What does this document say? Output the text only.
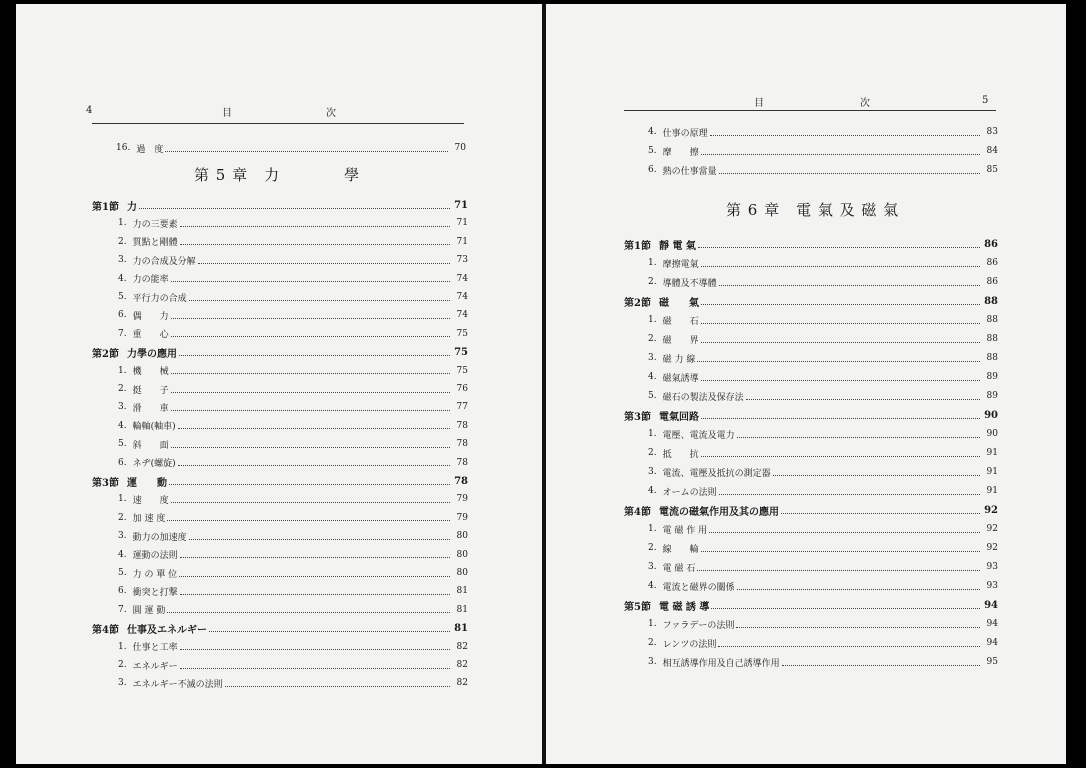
4	目	次
16. 過　度	70
第 5 章　力　　　　學
第1節 力	71
1. 力の三要素	71
2. 質點と剛體	71
3. 力の合成及分解	73
4. 力の能率	74
5. 平行力の合成	74
6. 偶　　力	74
7. 重　　心	75
第2節 力學の應用	75
1. 機　　械	75
2. 挺　　子	76
3. 滑　　車	77
4. 輪軸(軸車)	78
5. 斜　　面	78
6. ネヂ(螺旋)	78
第3節 運　　動	78
1. 速　　度	79
2. 加 速 度	79
3. 動力の加速度	80
4. 運動の法則	80
5. 力 の 單 位	80
6. 衝突と打撃	81
7. 圓 運 動	81
第4節 仕事及エネルギー	81
1. 仕事と工率	82
2. エネルギー	82
3. エネルギー不滅の法則	82
目	次	5
4. 仕事の原理	83
5. 摩　　擦	84
6. 熱の仕事當量	85
第 6 章　電 氣 及 磁 氣
第1節 靜 電 氣	86
1. 摩擦電氣	86
2. 導體及不導體	86
第2節 磁　　氣	88
1. 磁　　石	88
2. 磁　　界	88
3. 磁 力 線	88
4. 磁氣誘導	89
5. 磁石の製法及保存法	89
第3節 電氣回路	90
1. 電壓、電流及電力	90
2. 抵　　抗	91
3. 電流、電壓及抵抗の測定器	91
4. オームの法則	91
第4節 電流の磁氣作用及其の應用	92
1. 電 磁 作 用	92
2. 線　　輪	92
3. 電 磁 石	93
4. 電流と磁界の關係	93
第5節 電 磁 誘 導	94
1. ファラデーの法則	94
2. レンツの法則	94
3. 相互誘導作用及自己誘導作用	95
